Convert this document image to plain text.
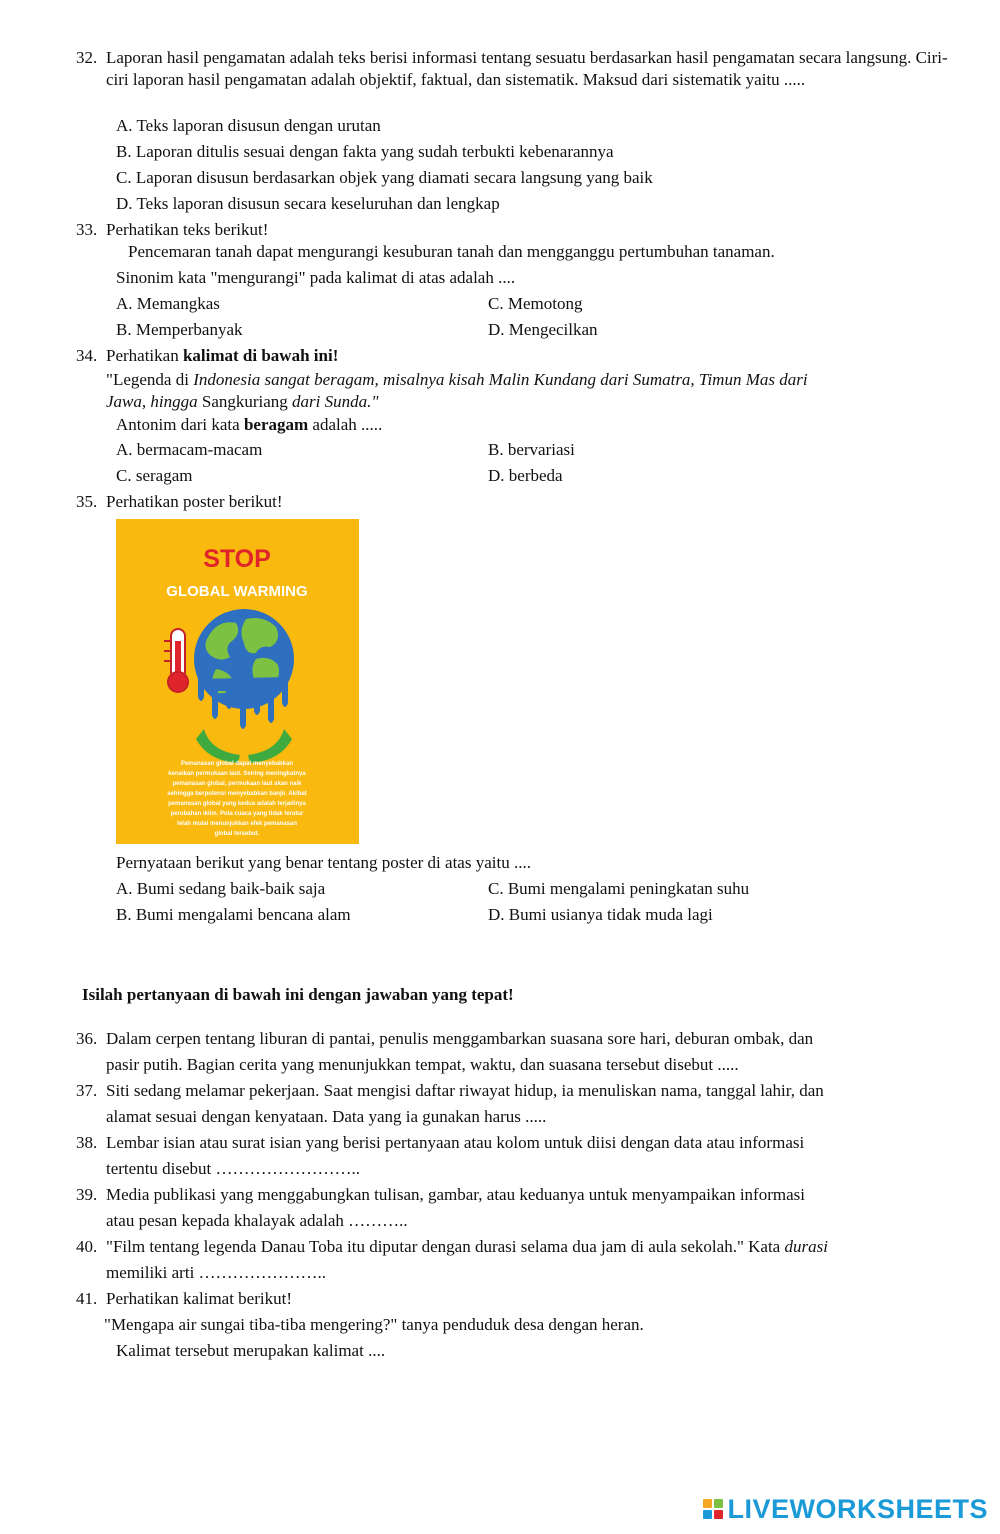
32. Laporan hasil pengamatan adalah teks berisi informasi tentang sesuatu berdasarkan hasil pengamatan secara langsung. Ciri-ciri laporan hasil pengamatan adalah objektif, faktual, dan sistematik. Maksud dari sistematik yaitu .....
A. Teks laporan disusun dengan urutan
B. Laporan ditulis sesuai dengan fakta yang sudah terbukti kebenarannya
C. Laporan disusun berdasarkan objek yang diamati secara langsung yang baik
D. Teks laporan disusun secara keseluruhan dan lengkap
33. Perhatikan teks berikut!
Pencemaran tanah dapat mengurangi kesuburan tanah dan mengganggu pertumbuhan tanaman.
Sinonim kata "mengurangi" pada kalimat di atas adalah ....
A. Memangkas	C. Memotong
B. Memperbanyak	D. Mengecilkan
34. Perhatikan kalimat di bawah ini!
"Legenda di Indonesia sangat beragam, misalnya kisah Malin Kundang dari Sumatra, Timun Mas dari
Jawa, hingga Sangkuriang dari Sunda."
Antonim dari kata beragam adalah .....
A. bermacam-macam	B. bervariasi
C. seragam	D. berbeda
35. Perhatikan poster berikut!
STOP
GLOBAL WARMING
Pemanasan global dapat menyebabkan
kenaikan permukaan laut. Seiring meningkatnya
pemanasan global, permukaan laut akan naik
sehingga berpotensi menyebabkan banjir. Akibat
pemanasan global yang kedua adalah terjadinya
perubahan iklim. Pola cuaca yang tidak teratur
telah mulai menunjukkan efek pemanasan
global tersebut.
Pernyataan berikut yang benar tentang poster di atas yaitu ....
A. Bumi sedang baik-baik saja	C. Bumi mengalami peningkatan suhu
B. Bumi mengalami bencana alam	D. Bumi usianya tidak muda lagi
Isilah pertanyaan di bawah ini dengan jawaban yang tepat!
36. Dalam cerpen tentang liburan di pantai, penulis menggambarkan suasana sore hari, deburan ombak, dan
pasir putih. Bagian cerita yang menunjukkan tempat, waktu, dan suasana tersebut disebut .....
37. Siti sedang melamar pekerjaan. Saat mengisi daftar riwayat hidup, ia menuliskan nama, tanggal lahir, dan
alamat sesuai dengan kenyataan. Data yang ia gunakan harus .....
38. Lembar isian atau surat isian yang berisi pertanyaan atau kolom untuk diisi dengan data atau informasi
tertentu disebut ……………………..
39. Media publikasi yang menggabungkan tulisan, gambar, atau keduanya untuk menyampaikan informasi
atau pesan kepada khalayak adalah ………..
40. "Film tentang legenda Danau Toba itu diputar dengan durasi selama dua jam di aula sekolah." Kata durasi
memiliki arti …………………..
41. Perhatikan kalimat berikut!
"Mengapa air sungai tiba-tiba mengering?" tanya penduduk desa dengan heran.
Kalimat tersebut merupakan kalimat ....
LIVEWORKSHEETS
